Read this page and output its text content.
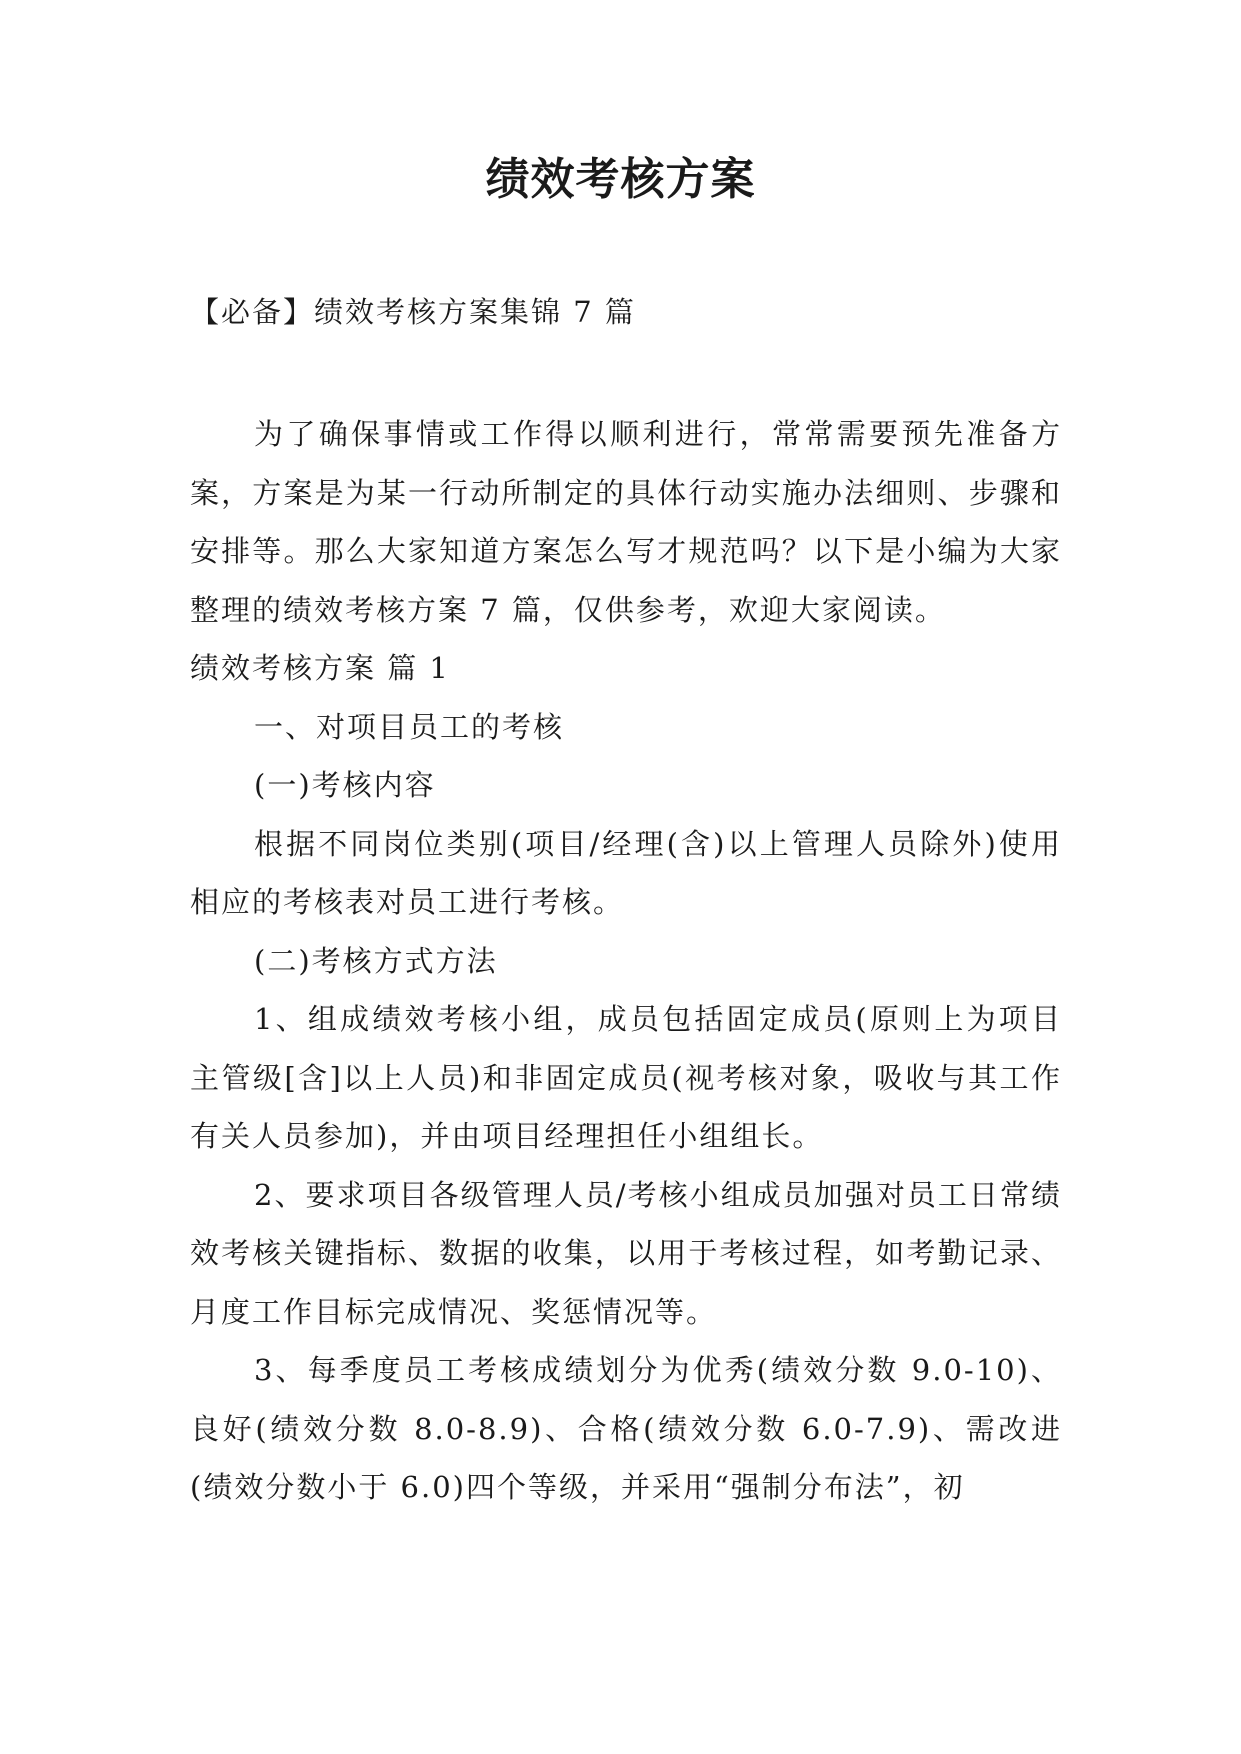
绩效考核方案
【必备】绩效考核方案集锦 7 篇

为了确保事情或工作得以顺利进行，常常需要预先准备方案，方案是为某一行动所制定的具体行动实施办法细则、步骤和安排等。那么大家知道方案怎么写才规范吗？以下是小编为大家整理的绩效考核方案 7 篇，仅供参考，欢迎大家阅读。

绩效考核方案 篇 1

一、对项目员工的考核

(一)考核内容

根据不同岗位类别(项目/经理(含)以上管理人员除外)使用相应的考核表对员工进行考核。

(二)考核方式方法

1、组成绩效考核小组，成员包括固定成员(原则上为项目主管级[含]以上人员)和非固定成员(视考核对象，吸收与其工作有关人员参加)，并由项目经理担任小组组长。

2、要求项目各级管理人员/考核小组成员加强对员工日常绩效考核关键指标、数据的收集，以用于考核过程，如考勤记录、月度工作目标完成情况、奖惩情况等。

3、每季度员工考核成绩划分为优秀(绩效分数 9.0-10)、良好(绩效分数 8.0-8.9)、合格(绩效分数 6.0-7.9)、需改进(绩效分数小于 6.0)四个等级，并采用“强制分布法”，初
